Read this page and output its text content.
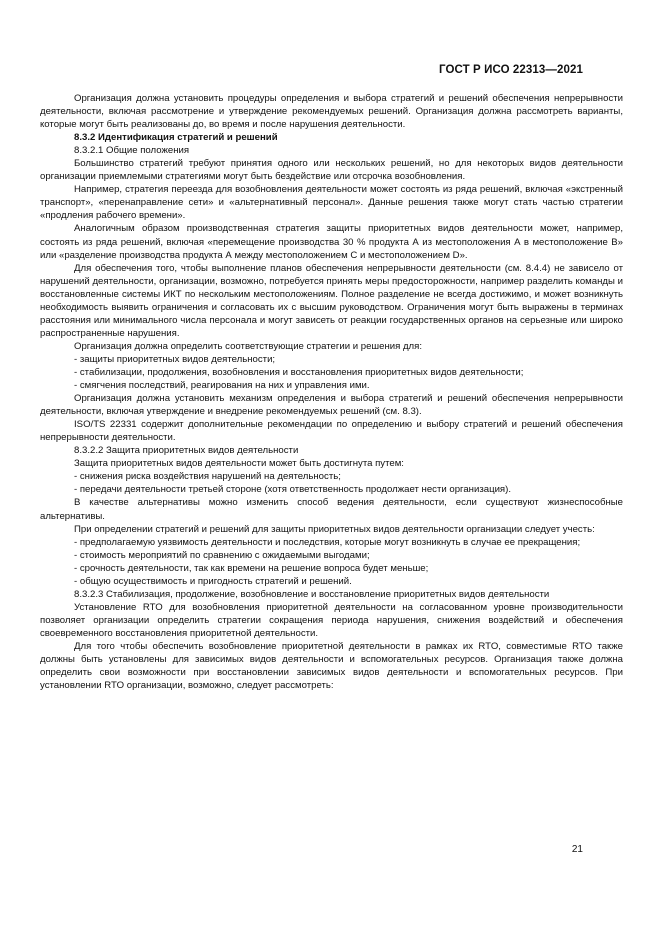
ГОСТ Р ИСО 22313—2021

Организация должна установить процедуры определения и выбора стратегий и решений обеспечения непрерывности деятельности, включая рассмотрение и утверждение рекомендуемых решений. Организация должна рассмотреть варианты, которые могут быть реализованы до, во время и после нарушения деятельности.

8.3.2 Идентификация стратегий и решений

8.3.2.1 Общие положения

Большинство стратегий требуют принятия одного или нескольких решений, но для некоторых видов деятельности организации приемлемыми стратегиями могут быть бездействие или отсрочка возобновления.

Например, стратегия переезда для возобновления деятельности может состоять из ряда решений, включая «экстренный транспорт», «перенаправление сети» и «альтернативный персонал». Данные решения также могут стать частью стратегии «продления рабочего времени».

Аналогичным образом производственная стратегия защиты приоритетных видов деятельности может, например, состоять из ряда решений, включая «перемещение производства 30 % продукта А из местоположения А в местоположение В» или «разделение производства продукта А между местоположением С и местоположением D».

Для обеспечения того, чтобы выполнение планов обеспечения непрерывности деятельности (см. 8.4.4) не зависело от нарушений деятельности, организации, возможно, потребуется принять меры предосторожности, например разделить команды и восстановленные системы ИКТ по нескольким местоположениям. Полное разделение не всегда достижимо, и может возникнуть необходимость выявить ограничения и согласовать их с высшим руководством. Ограничения могут быть выражены в терминах расстояния или минимального числа персонала и могут зависеть от реакции государственных органов на серьезные или широко распространенные нарушения.

Организация должна определить соответствующие стратегии и решения для:

- защиты приоритетных видов деятельности;

- стабилизации, продолжения, возобновления и восстановления приоритетных видов деятельности;

- смягчения последствий, реагирования на них и управления ими.

Организация должна установить механизм определения и выбора стратегий и решений обеспечения непрерывности деятельности, включая утверждение и внедрение рекомендуемых решений (см. 8.3).

ISO/TS 22331 содержит дополнительные рекомендации по определению и выбору стратегий и решений обеспечения непрерывности деятельности.

8.3.2.2 Защита приоритетных видов деятельности

Защита приоритетных видов деятельности может быть достигнута путем:

- снижения риска воздействия нарушений на деятельность;

- передачи деятельности третьей стороне (хотя ответственность продолжает нести организация).

В качестве альтернативы можно изменить способ ведения деятельности, если существуют жизнеспособные альтернативы.

При определении стратегий и решений для защиты приоритетных видов деятельности организации следует учесть:

- предполагаемую уязвимость деятельности и последствия, которые могут возникнуть в случае ее прекращения;

- стоимость мероприятий по сравнению с ожидаемыми выгодами;

- срочность деятельности, так как времени на решение вопроса будет меньше;

- общую осуществимость и пригодность стратегий и решений.

8.3.2.3 Стабилизация, продолжение, возобновление и восстановление приоритетных видов деятельности

Установление RTO для возобновления приоритетной деятельности на согласованном уровне производительности позволяет организации определить стратегии сокращения периода нарушения, снижения воздействий и обеспечения своевременного восстановления приоритетной деятельности.

Для того чтобы обеспечить возобновление приоритетной деятельности в рамках их RTO, совместимые RTO также должны быть установлены для зависимых видов деятельности и вспомогательных ресурсов. Организация также должна определить свои возможности при восстановлении зависимых видов деятельности и вспомогательных ресурсов. При установлении RTO организации, возможно, следует рассмотреть:

21
